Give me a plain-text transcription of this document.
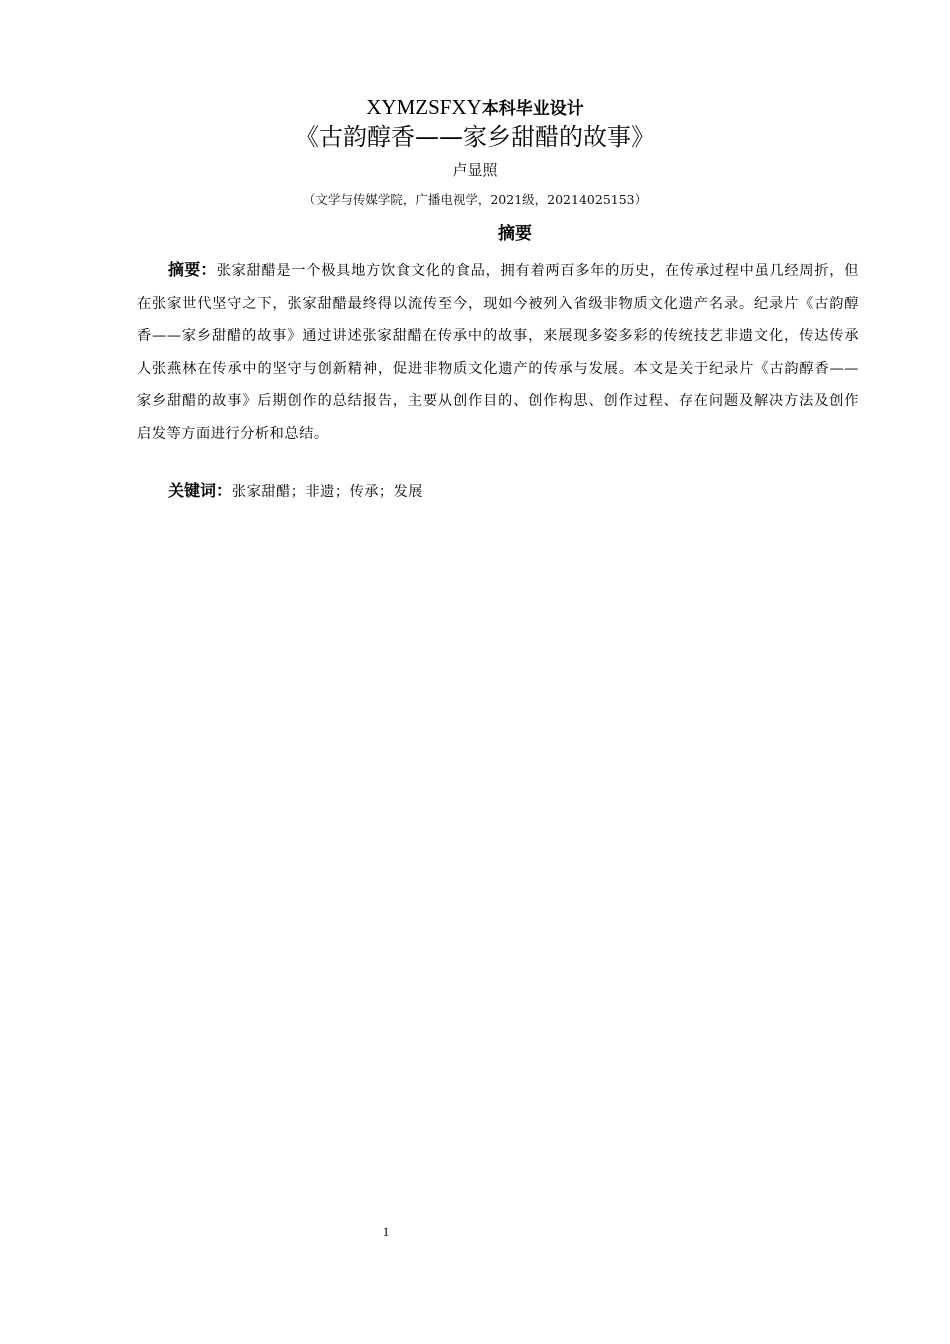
XYMZSFXY本科毕业设计
《古韵醇香——家乡甜醋的故事》
卢显照
（文学与传媒学院，广播电视学，2021级，20214025153）
摘要
摘要：张家甜醋是一个极具地方饮食文化的食品，拥有着两百多年的历史，在传承过程中虽几经周折，但在张家世代坚守之下，张家甜醋最终得以流传至今，现如今被列入省级非物质文化遗产名录。纪录片《古韵醇香——家乡甜醋的故事》通过讲述张家甜醋在传承中的故事，来展现多姿多彩的传统技艺非遗文化，传达传承人张燕林在传承中的坚守与创新精神，促进非物质文化遗产的传承与发展。本文是关于纪录片《古韵醇香——家乡甜醋的故事》后期创作的总结报告，主要从创作目的、创作构思、创作过程、存在问题及解决方法及创作启发等方面进行分析和总结。
关键词：张家甜醋；非遗；传承；发展
1
